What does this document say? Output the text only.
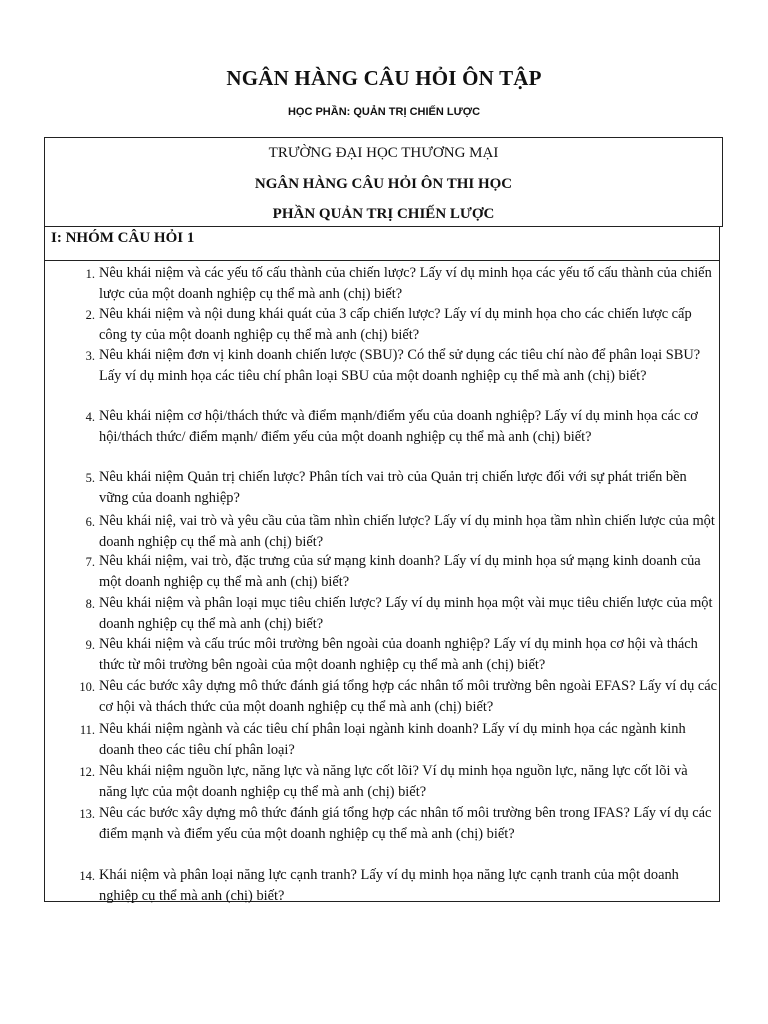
NGÂN HÀNG CÂU HỎI ÔN TẬP
HỌC PHẦN: QUẢN TRỊ CHIẾN LƯỢC
TRƯỜNG ĐẠI HỌC THƯƠNG MẠI
NGÂN HÀNG CÂU HỎI ÔN THI HỌC
PHẦN QUẢN TRỊ CHIẾN LƯỢC
I: NHÓM CÂU HỎI 1
1. Nêu khái niệm và các yếu tố cấu thành của chiến lược? Lấy ví dụ minh họa các yếu tố cấu thành của chiến lược của một doanh nghiệp cụ thể mà anh (chị) biết?
2. Nêu khái niệm và nội dung khái quát của 3 cấp chiến lược? Lấy ví dụ minh họa cho các chiến lược cấp công ty của một doanh nghiệp cụ thể mà anh (chị) biết?
3. Nêu khái niệm đơn vị kinh doanh chiến lược (SBU)? Có thể sử dụng các tiêu chí nào để phân loại SBU? Lấy ví dụ minh họa các tiêu chí phân loại SBU của một doanh nghiệp cụ thể mà anh (chị) biết?
4. Nêu khái niệm cơ hội/thách thức và điểm mạnh/điểm yếu của doanh nghiệp? Lấy ví dụ minh họa các cơ hội/thách thức/ điểm mạnh/ điểm yếu của một doanh nghiệp cụ thể mà anh (chị) biết?
5. Nêu khái niệm Quản trị chiến lược? Phân tích vai trò của Quản trị chiến lược đối với sự phát triển bền vững của doanh nghiệp?
6. Nêu khái niệ, vai trò và yêu cầu của tầm nhìn chiến lược? Lấy ví dụ minh họa tầm nhìn chiến lược của một doanh nghiệp cụ thể mà anh (chị) biết?
7. Nêu khái niệm, vai trò, đặc trưng của sứ mạng kinh doanh? Lấy ví dụ minh họa sứ mạng kinh doanh của một doanh nghiệp cụ thể mà anh (chị) biết?
8. Nêu khái niệm và phân loại mục tiêu chiến lược? Lấy ví dụ minh họa một vài mục tiêu chiến lược của một doanh nghiệp cụ thể mà anh (chị) biết?
9. Nêu khái niệm và cấu trúc môi trường bên ngoài của doanh nghiệp? Lấy ví dụ minh họa cơ hội và thách thức từ môi trường bên ngoài của một doanh nghiệp cụ thể mà anh (chị) biết?
10. Nêu các bước xây dựng mô thức đánh giá tổng hợp các nhân tố môi trường bên ngoài EFAS? Lấy ví dụ các cơ hội và thách thức của một doanh nghiệp cụ thể mà anh (chị) biết?
11. Nêu khái niệm ngành và các tiêu chí phân loại ngành kinh doanh? Lấy ví dụ minh họa các ngành kinh doanh theo các tiêu chí phân loại?
12. Nêu khái niệm nguồn lực, năng lực và năng lực cốt lõi? Ví dụ minh họa nguồn lực, năng lực cốt lõi và năng lực của một doanh nghiệp cụ thể mà anh (chị) biết?
13. Nêu các bước xây dựng mô thức đánh giá tổng hợp các nhân tố môi trường bên trong IFAS? Lấy ví dụ các điểm mạnh và điểm yếu của một doanh nghiệp cụ thể mà anh (chị) biết?
14. Khái niệm và phân loại năng lực cạnh tranh? Lấy ví dụ minh họa năng lực cạnh tranh của một doanh nghiệp cụ thể mà anh (chị) biết?
